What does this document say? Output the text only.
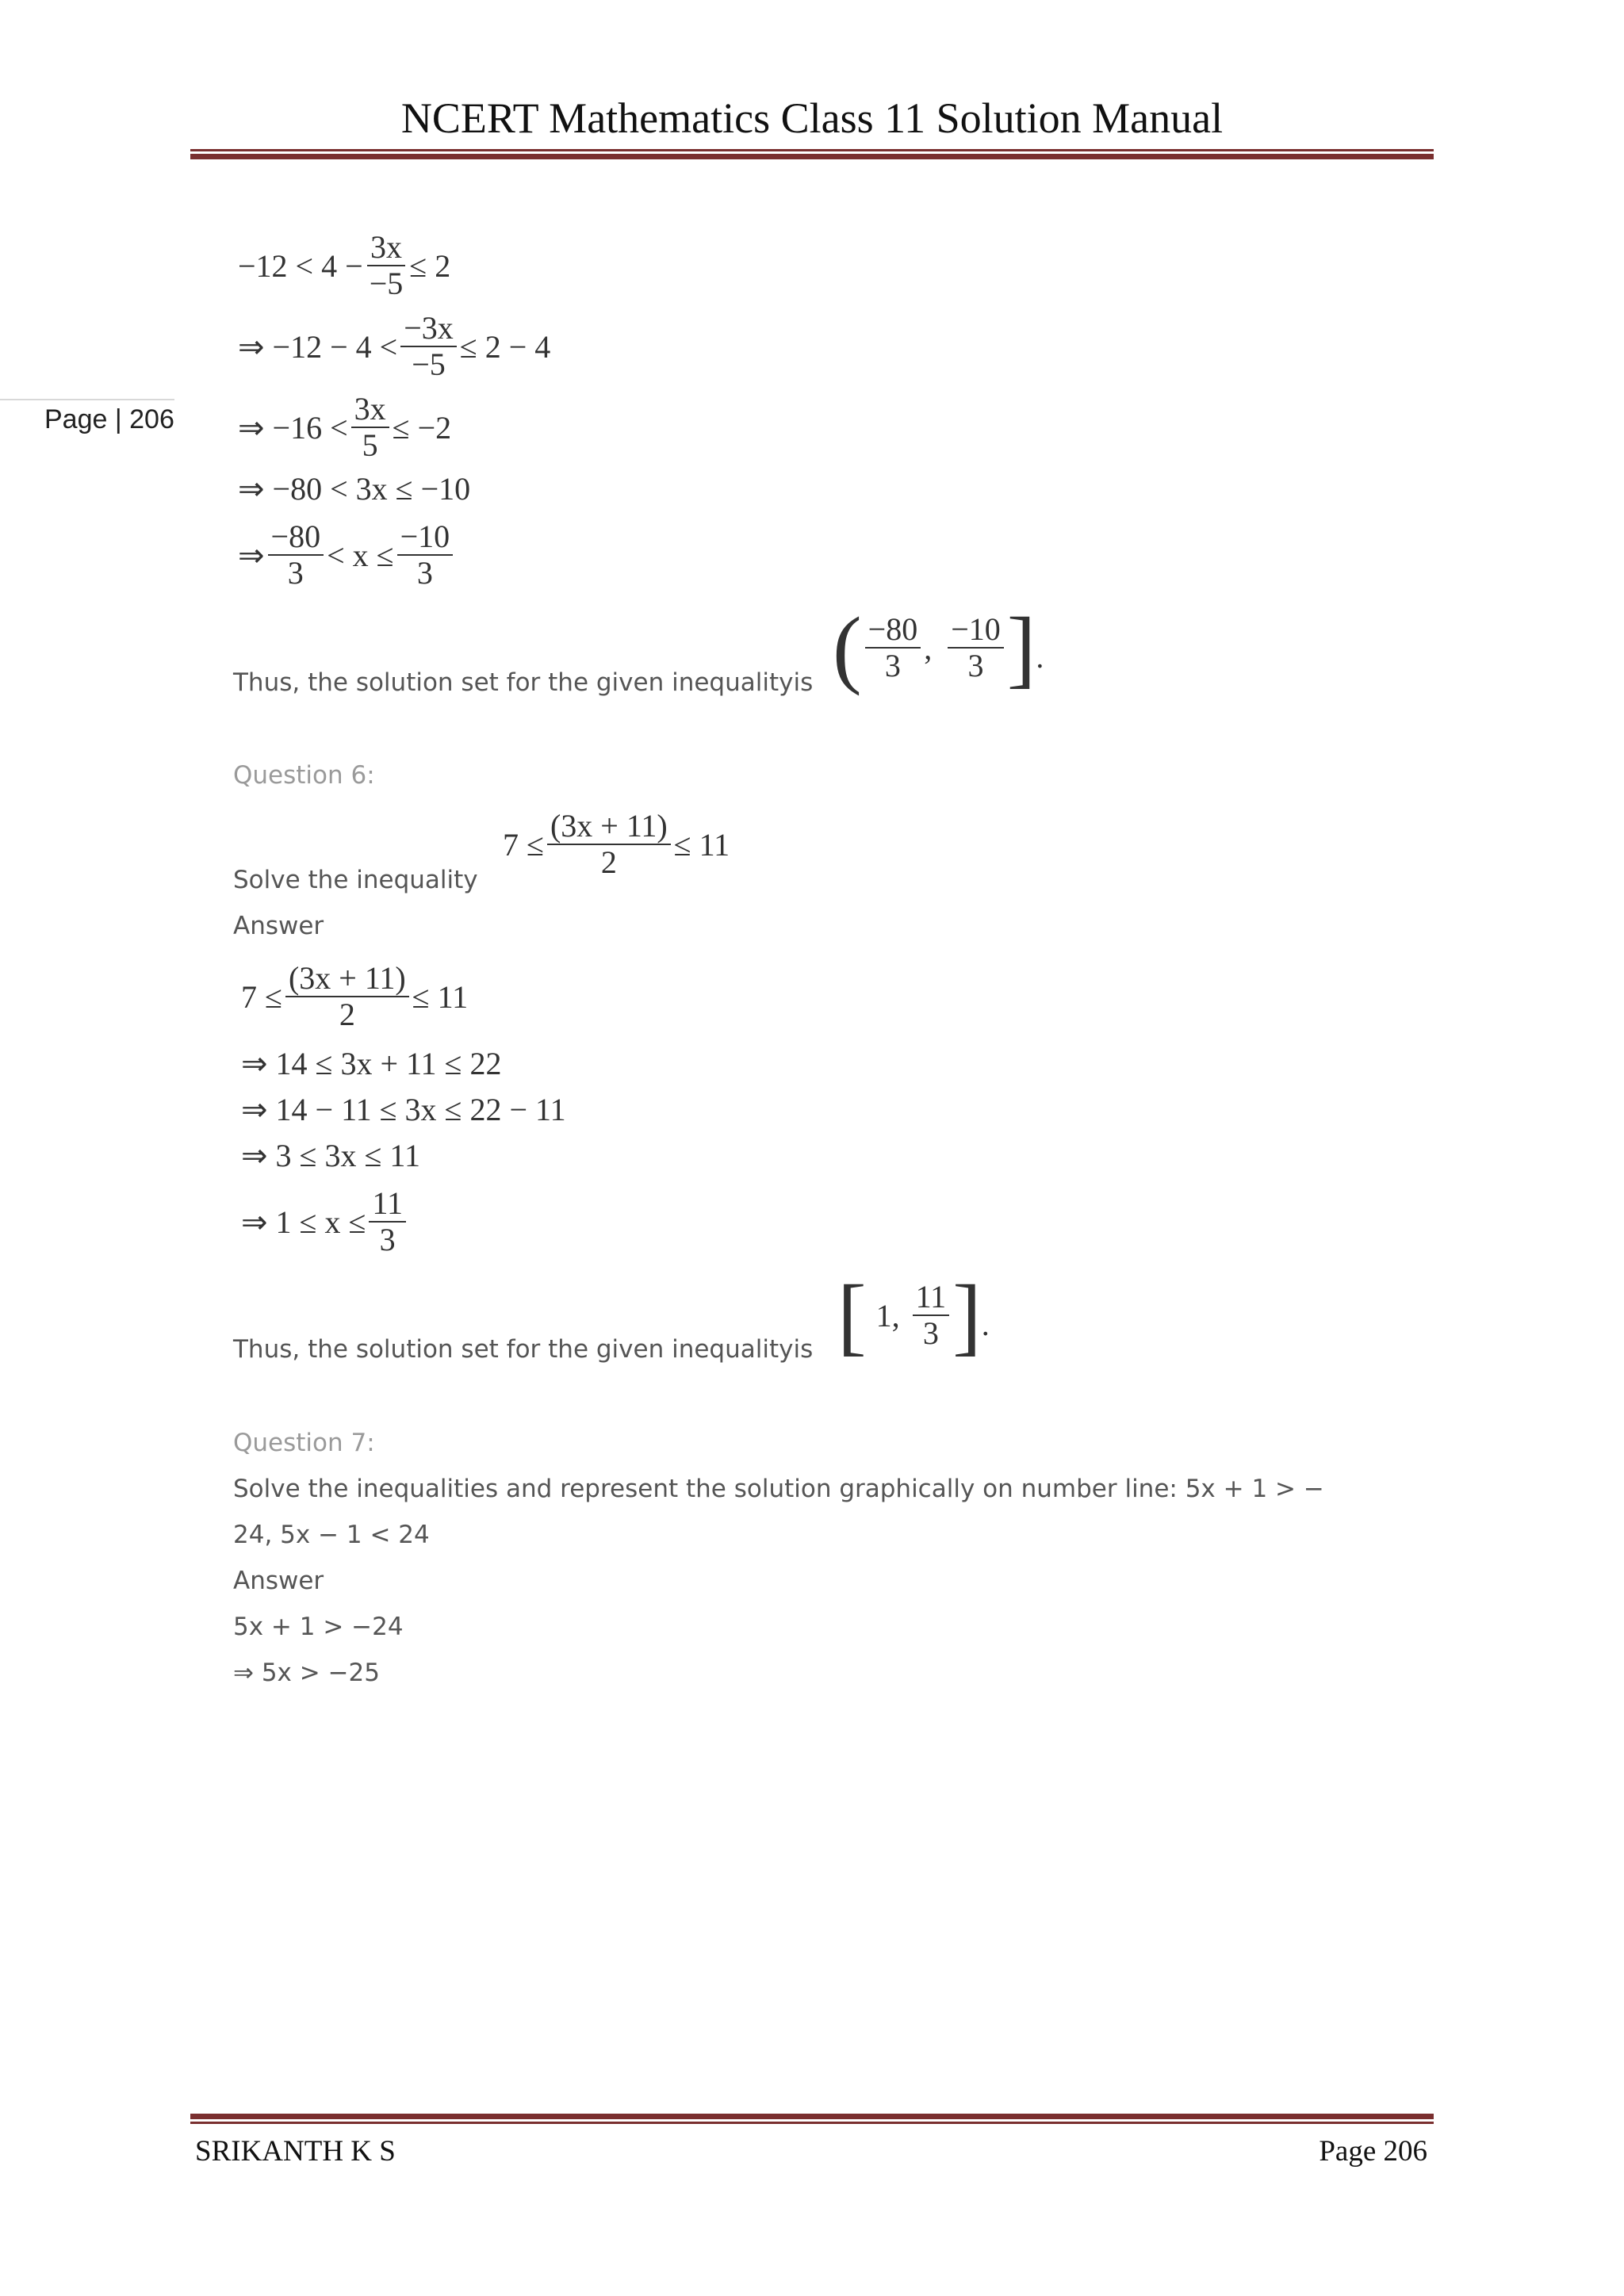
NCERT Mathematics Class 11 Solution Manual
Page | 206
$-12 < 4 - \frac{3x}{-5} \le 2$
⇒ $-12 - 4 < \frac{-3x}{-5} \le 2 - 4$
⇒ $-16 < \frac{3x}{5} \le -2$
⇒ −80 < 3x ≤ −10
⇒ $\frac{-80}{3} < x \le \frac{-10}{3}$
Thus, the solution set for the given inequalityis ( $\frac{-80}{3}$ , $\frac{-10}{3}$ ] .
Question 6:
Solve the inequality
$7 \le \frac{(3x + 11)}{2} \le 11$
Answer
$7 \le \frac{(3x + 11)}{2} \le 11$
⇒ 14 ≤ 3x + 11 ≤ 22
⇒ 14 − 11 ≤ 3x ≤ 22 − 11
⇒ 3 ≤ 3x ≤ 11
⇒ $1 \le x \le \frac{11}{3}$
Thus, the solution set for the given inequalityis [ 1, $\frac{11}{3}$ ] .
Question 7:
Solve the inequalities and represent the solution graphically on number line: 5x + 1 > −
24, 5x − 1 < 24
Answer
5x + 1 > −24
⇒ 5x > −25
SRIKANTH K S	Page 206
